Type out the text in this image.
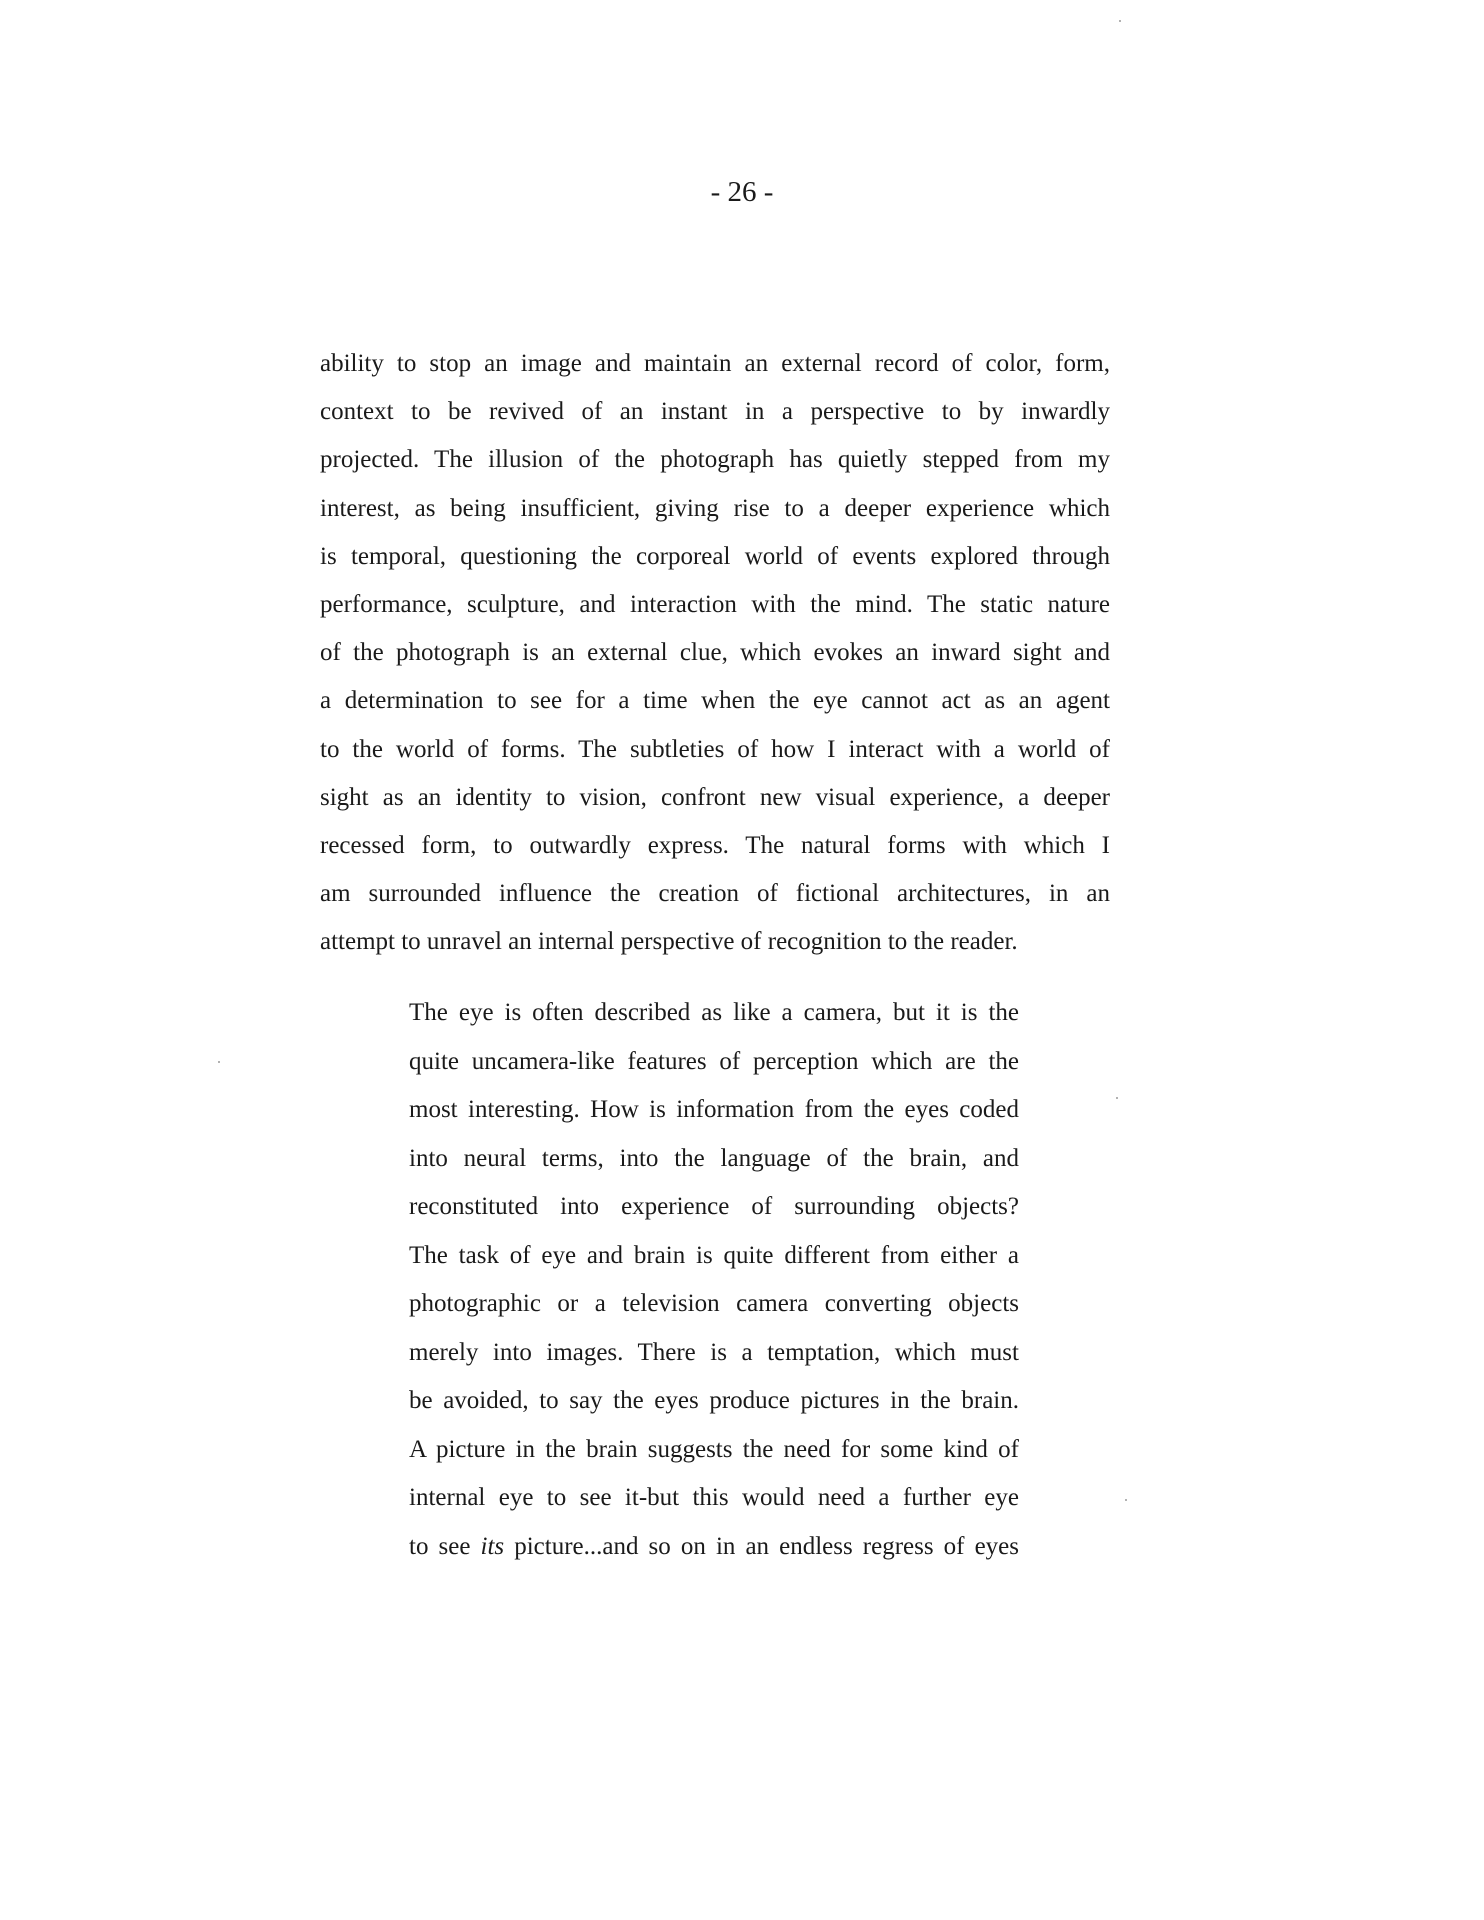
- 26 -
ability to stop an image and maintain an external record of color, form,
context to be revived of an instant in a perspective to by inwardly
projected. The illusion of the photograph has quietly stepped from my
interest, as being insufficient, giving rise to a deeper experience which
is temporal, questioning the corporeal world of events explored through
performance, sculpture, and interaction with the mind. The static nature
of the photograph is an external clue, which evokes an inward sight and
a determination to see for a time when the eye cannot act as an agent
to the world of forms. The subtleties of how I interact with a world of
sight as an identity to vision, confront new visual experience, a deeper
recessed form, to outwardly express. The natural forms with which I
am surrounded influence the creation of fictional architectures, in an
attempt to unravel an internal perspective of recognition to the reader.
The eye is often described as like a camera, but it is the
quite uncamera-like features of perception which are the
most interesting. How is information from the eyes coded
into neural terms, into the language of the brain, and
reconstituted into experience of surrounding objects?
The task of eye and brain is quite different from either a
photographic or a television camera converting objects
merely into images. There is a temptation, which must
be avoided, to say the eyes produce pictures in the brain.
A picture in the brain suggests the need for some kind of
internal eye to see it-but this would need a further eye
to see its picture...and so on in an endless regress of eyes
